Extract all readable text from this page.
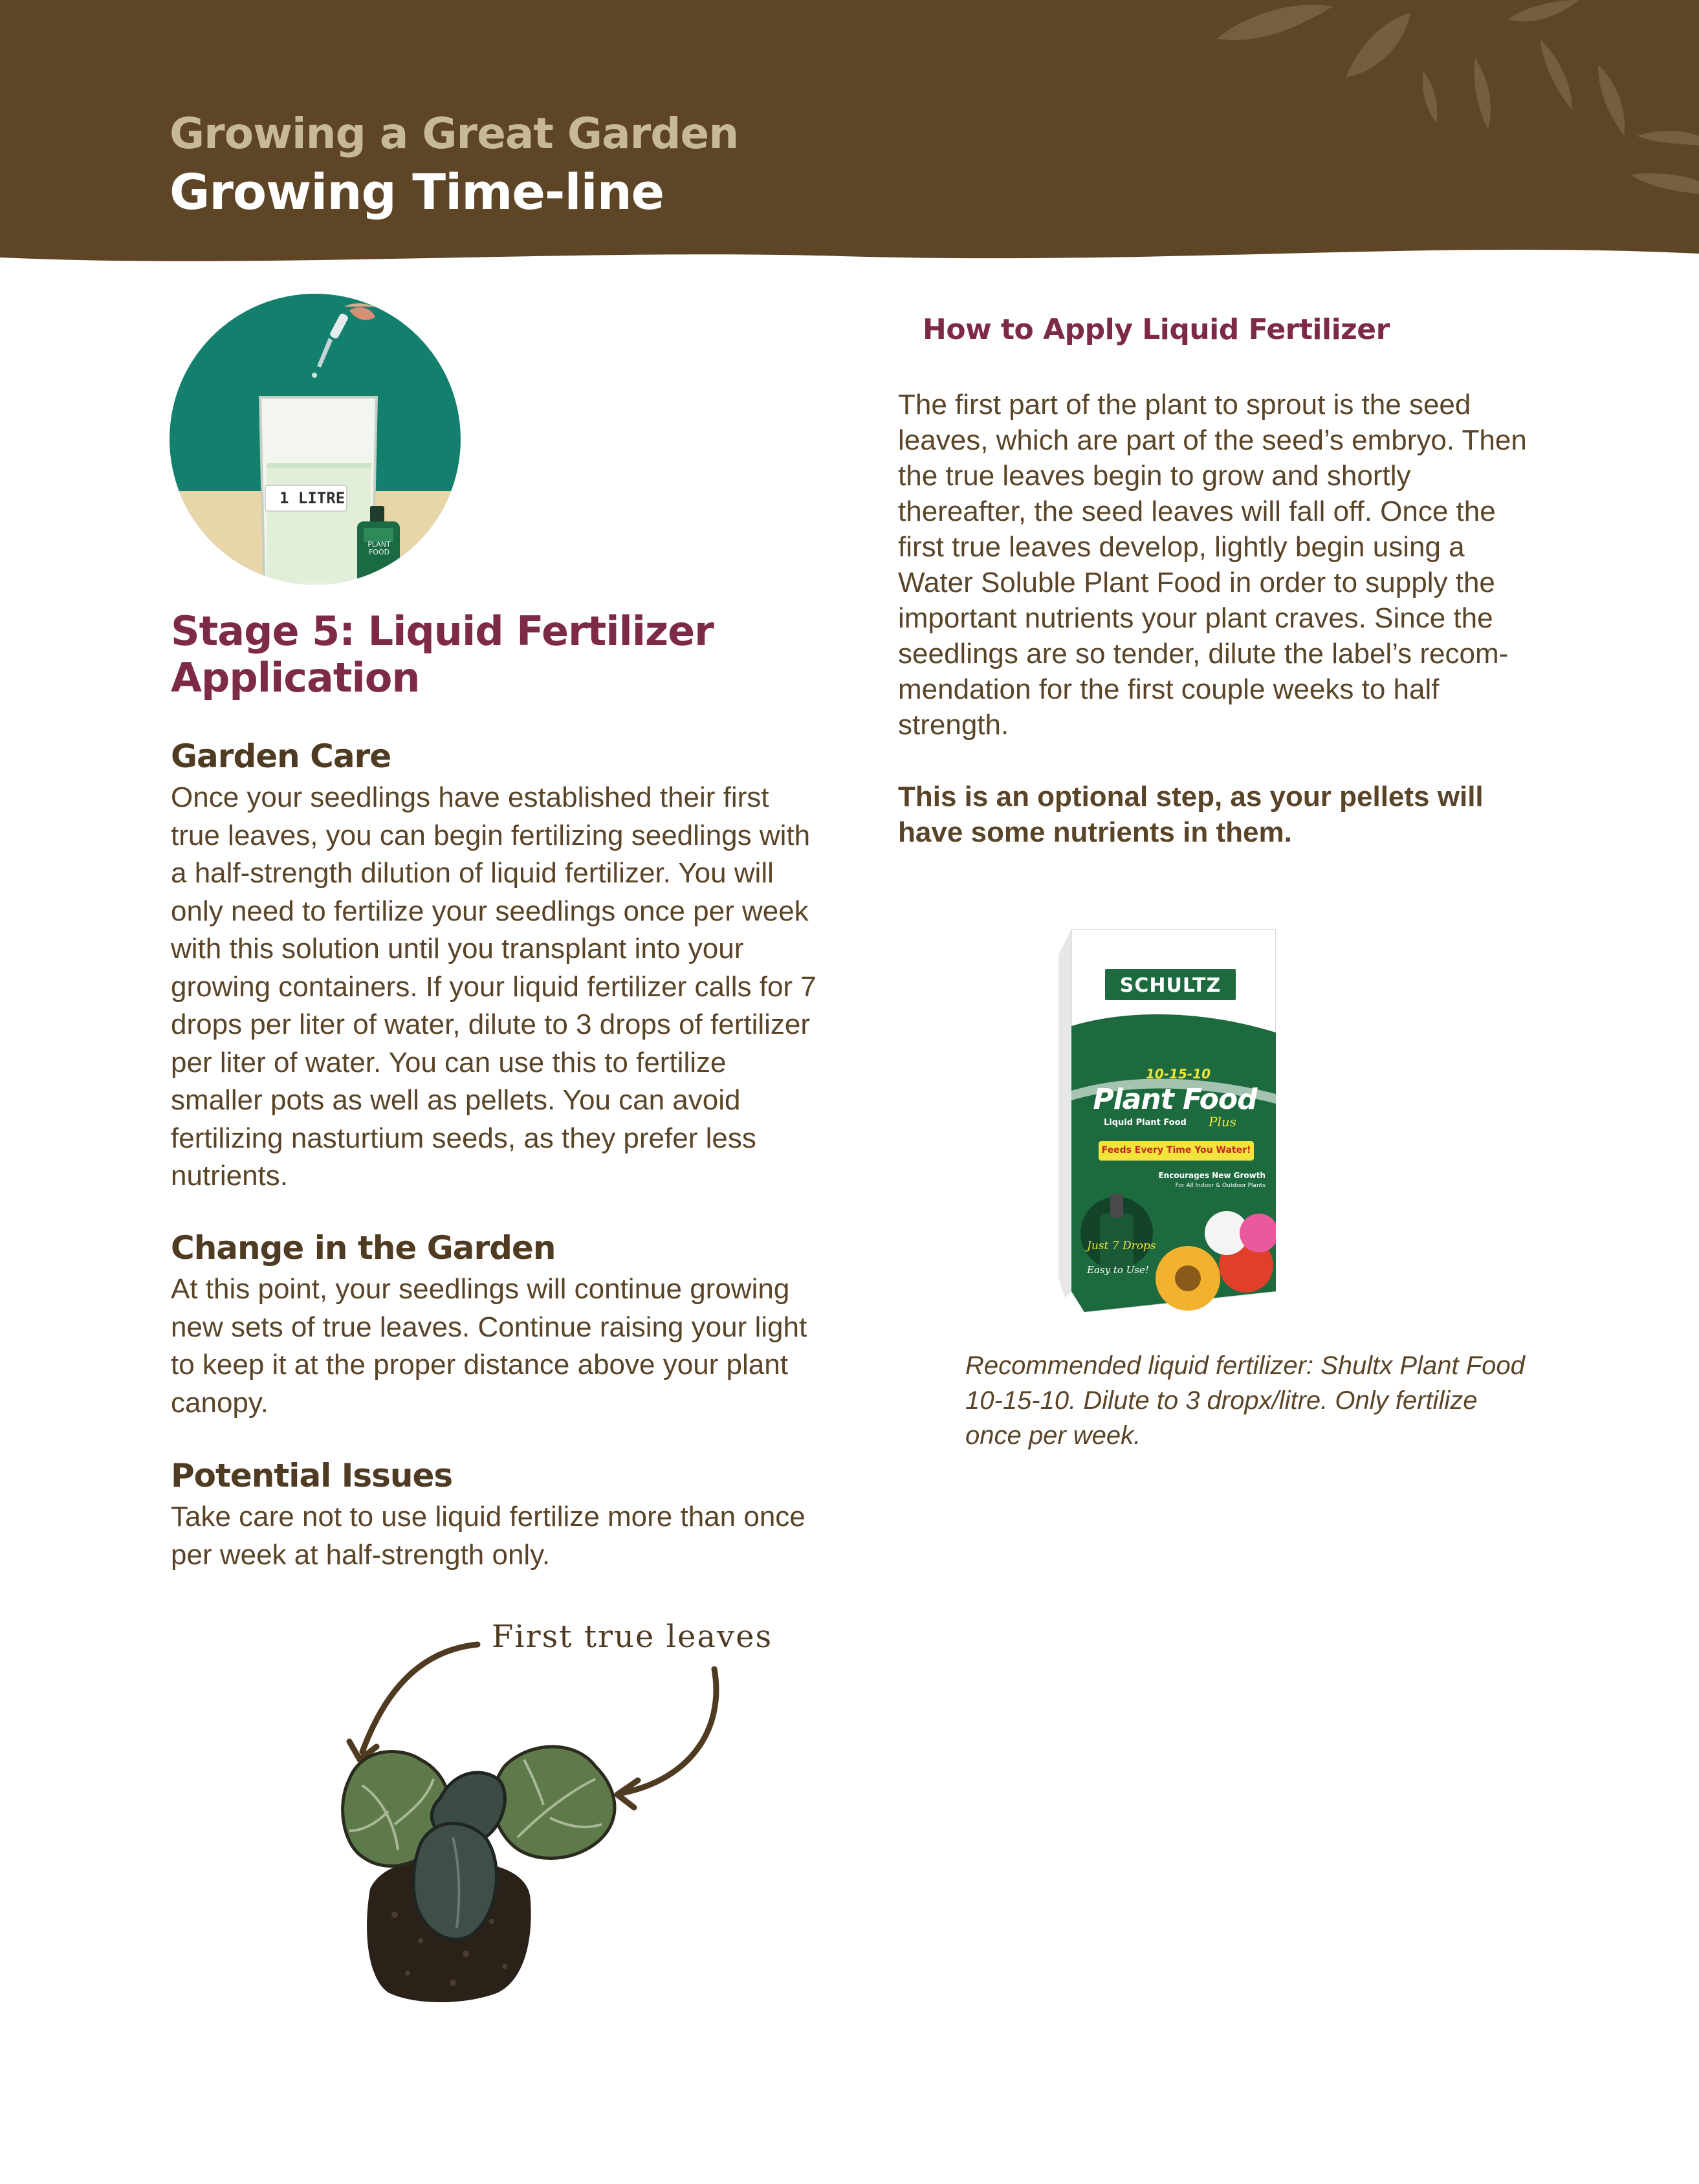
Growing a Great Garden
Growing Time-line
1 LITRE
PLANT FOOD
Stage 5: Liquid Fertilizer Application
Garden Care

Once your seedlings have established their first true leaves, you can begin fertilizing seedlings with a half-strength dilution of liquid fertilizer. You will only need to fertilize your seedlings once per week with this solution until you transplant into your growing containers. If your liquid fertilizer calls for 7 drops per liter of water, dilute to 3 drops of fertilizer per liter of water. You can use this to fertilize smaller pots as well as pellets. You can avoid fertilizing nasturtium seeds, as they prefer less nutrients.

Change in the Garden

At this point, your seedlings will continue growing new sets of true leaves. Continue raising your light to keep it at the proper distance above your plant canopy.

Potential Issues

Take care not to use liquid fertilize more than once per week at half-strength only.

First true leaves
How to Apply Liquid Fertilizer

The first part of the plant to sprout is the seed leaves, which are part of the seed’s embryo. Then the true leaves begin to grow and shortly thereafter, the seed leaves will fall off. Once the first true leaves develop, lightly begin using a Water Soluble Plant Food in order to supply the important nutrients your plant craves. Since the seedlings are so tender, dilute the label’s recom-mendation for the first couple weeks to half strength.

This is an optional step, as your pellets will have some nutrients in them.

SCHULTZ
10-15-10
Plant Food
Plus
Liquid Plant Food
Feeds Every Time You Water!
Encourages New Growth
For All Indoor & Outdoor Plants
Just 7 Drops
Easy to Use!

Recommended liquid fertilizer: Shultx Plant Food 10-15-10. Dilute to 3 dropx/litre. Only fertilize once per week.
